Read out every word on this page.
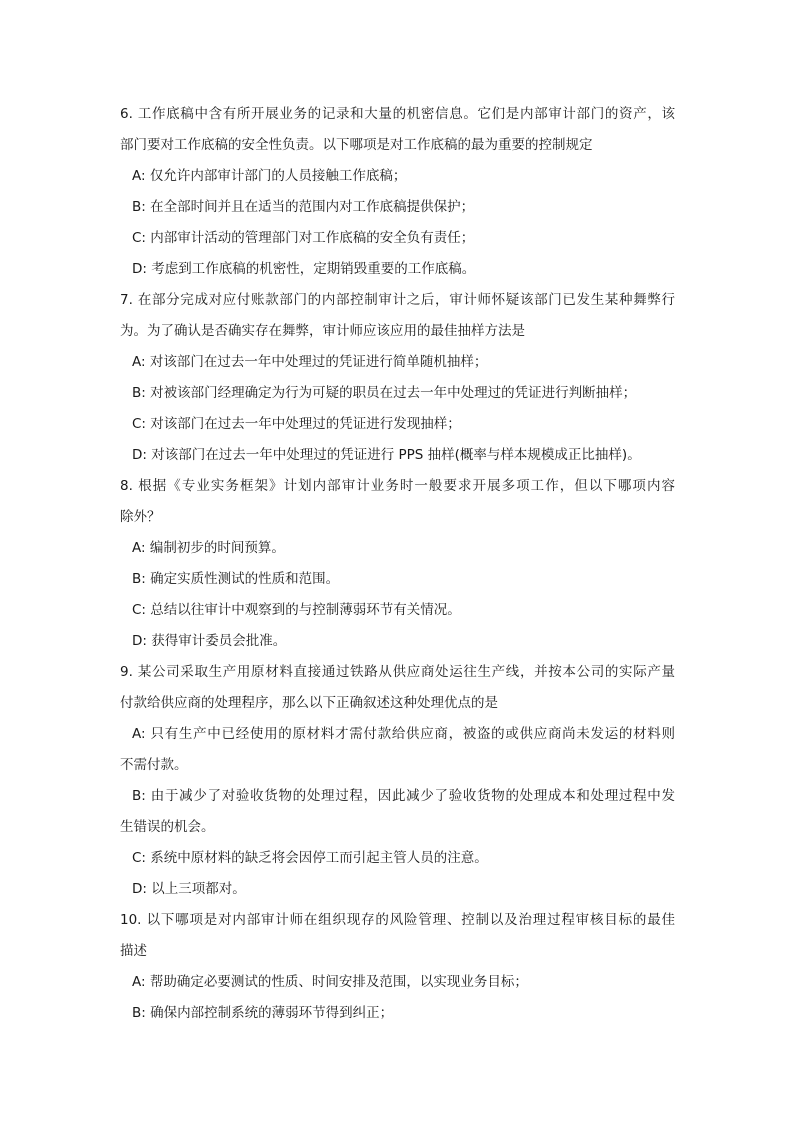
6. 工作底稿中含有所开展业务的记录和大量的机密信息。它们是内部审计部门的资产，该
部门要对工作底稿的安全性负责。以下哪项是对工作底稿的最为重要的控制规定
A: 仅允许内部审计部门的人员接触工作底稿；
B: 在全部时间并且在适当的范围内对工作底稿提供保护；
C: 内部审计活动的管理部门对工作底稿的安全负有责任；
D: 考虑到工作底稿的机密性，定期销毁重要的工作底稿。
7. 在部分完成对应付账款部门的内部控制审计之后，审计师怀疑该部门已发生某种舞弊行
为。为了确认是否确实存在舞弊，审计师应该应用的最佳抽样方法是
A: 对该部门在过去一年中处理过的凭证进行简单随机抽样；
B: 对被该部门经理确定为行为可疑的职员在过去一年中处理过的凭证进行判断抽样；
C: 对该部门在过去一年中处理过的凭证进行发现抽样；
D: 对该部门在过去一年中处理过的凭证进行 PPS 抽样(概率与样本规模成正比抽样)。
8. 根据《专业实务框架》计划内部审计业务时一般要求开展多项工作，但以下哪项内容
除外？
A: 编制初步的时间预算。
B: 确定实质性测试的性质和范围。
C: 总结以往审计中观察到的与控制薄弱环节有关情况。
D: 获得审计委员会批准。
9. 某公司采取生产用原材料直接通过铁路从供应商处运往生产线，并按本公司的实际产量
付款给供应商的处理程序，那么以下正确叙述这种处理优点的是
A: 只有生产中已经使用的原材料才需付款给供应商，被盗的或供应商尚未发运的材料则
不需付款。
B: 由于减少了对验收货物的处理过程，因此减少了验收货物的处理成本和处理过程中发
生错误的机会。
C: 系统中原材料的缺乏将会因停工而引起主管人员的注意。
D: 以上三项都对。
10. 以下哪项是对内部审计师在组织现存的风险管理、控制以及治理过程审核目标的最佳
描述
A: 帮助确定必要测试的性质、时间安排及范围，以实现业务目标；
B: 确保内部控制系统的薄弱环节得到纠正；
